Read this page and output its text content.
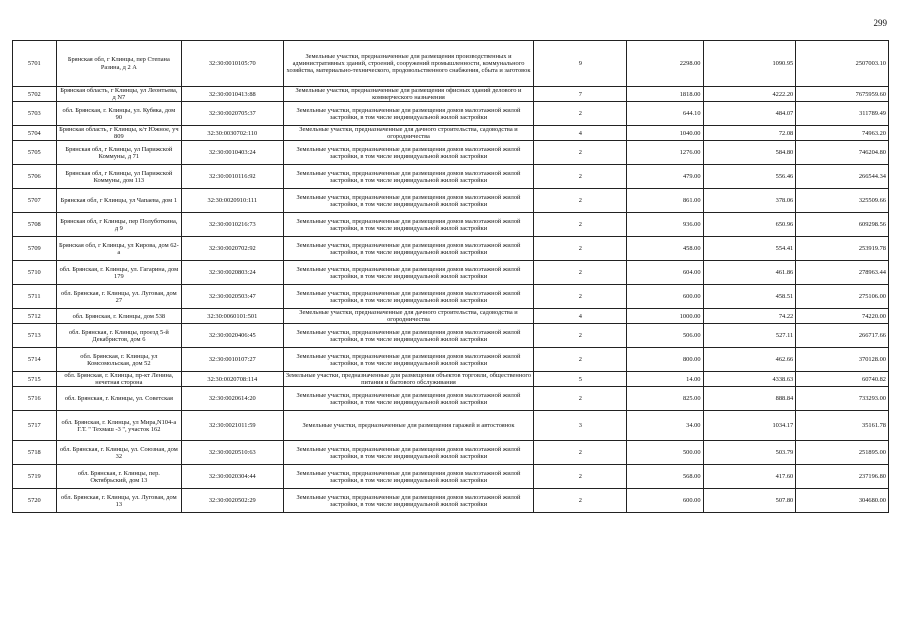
299
5701	Брянская обл, г Клинцы, пер Степана Разина, д 2 А	32:30:0010105:70	Земельные участки, предназначенные для размещения производственных и административных зданий, строений, сооружений промышленности, коммунального хозяйства, материально-технического, продовольственного снабжения, сбыта и заготовок	9	2298.00	1090.95	2507003.10
5702	Брянская область, г Клинцы, ул Леонтьева, д N7	32:30:0010413:88	Земельные участки, предназначенные для размещения офисных зданий делового и коммерческого назначения	7	1818.00	4222.20	7675959.60
5703	обл. Брянская, г. Клинцы, ул. Кубяка, дом 90	32:30:0020705:37	Земельные участки, предназначенные для размещения домов малоэтажной жилой застройки, в том числе индивидуальной жилой застройки	2	644.10	484.07	311789.49
5704	Брянская область, г Клинцы, к/т Южное, уч 809	32:30:0030702:110	Земельные участки, предназначенные для дачного строительства, садоводства и огородничества	4	1040.00	72.08	74963.20
5705	Брянская обл, г Клинцы, ул Парижской Коммуны, д 71	32:30:0010403:24	Земельные участки, предназначенные для размещения домов малоэтажной жилой застройки, в том числе индивидуальной жилой застройки	2	1276.00	584.80	746204.80
5706	Брянская обл, г Клинцы, ул Парижской Коммуны, дом 113	32:30:0010116:92	Земельные участки, предназначенные для размещения домов малоэтажной жилой застройки, в том числе индивидуальной жилой застройки	2	479.00	556.46	266544.34
5707	Брянская обл, г Клинцы, ул Чапаева, дом 1	32:30:0020910:111	Земельные участки, предназначенные для размещения домов малоэтажной жилой застройки, в том числе индивидуальной жилой застройки	2	861.00	378.06	325509.66
5708	Брянская обл, г Клинцы, пер Полуботкина, д 9	32:30:0010216:73	Земельные участки, предназначенные для размещения домов малоэтажной жилой застройки, в том числе индивидуальной жилой застройки	2	936.00	650.96	609298.56
5709	Брянская обл, г Клинцы, ул Кирова, дом 62-а	32:30:0020702:92	Земельные участки, предназначенные для размещения домов малоэтажной жилой застройки, в том числе индивидуальной жилой застройки	2	458.00	554.41	253919.78
5710	обл. Брянская, г. Клинцы, ул. Гагарина, дом 179	32:30:0020803:24	Земельные участки, предназначенные для размещения домов малоэтажной жилой застройки, в том числе индивидуальной жилой застройки	2	604.00	461.86	278963.44
5711	обл. Брянская, г. Клинцы, ул. Луговая, дом 27	32:30:0020503:47	Земельные участки, предназначенные для размещения домов малоэтажной жилой застройки, в том числе индивидуальной жилой застройки	2	600.00	458.51	275106.00
5712	обл. Брянская, г. Клинцы, дом 538	32:30:0060101:501	Земельные участки, предназначенные для дачного строительства, садоводства и огородничества	4	1000.00	74.22	74220.00
5713	обл. Брянская, г. Клинцы, проезд 5-й Декабристов, дом 6	32:30:0020406:45	Земельные участки, предназначенные для размещения домов малоэтажной жилой застройки, в том числе индивидуальной жилой застройки	2	506.00	527.11	266717.66
5714	обл. Брянская, г. Клинцы, ул Комсомольская, дом 52	32:30:0010107:27	Земельные участки, предназначенные для размещения домов малоэтажной жилой застройки, в том числе индивидуальной жилой застройки	2	800.00	462.66	370128.00
5715	обл. Брянская, г. Клинцы, пр-кт Ленина, нечетная сторона	32:30:0020708:114	Земельные участки, предназначенные для размещения объектов торговли, общественного питания и бытового обслуживания	5	14.00	4338.63	60740.82
5716	обл. Брянская, г. Клинцы, ул. Советская	32:30:0020614:20	Земельные участки, предназначенные для размещения домов малоэтажной жилой застройки, в том числе индивидуальной жилой застройки	2	825.00	888.84	733293.00
5717	обл. Брянская, г. Клинцы, ул Мира,N104-а Г.Т. " Техмаш -3 ", участок 162	32:30:0021011:59	Земельные участки, предназначенные для размещения гаражей и автостоянок	3	34.00	1034.17	35161.78
5718	обл. Брянская, г. Клинцы, ул. Союзная, дом 32	32:30:0020510:63	Земельные участки, предназначенные для размещения домов малоэтажной жилой застройки, в том числе индивидуальной жилой застройки	2	500.00	503.79	251895.00
5719	обл. Брянская, г. Клинцы, пер. Октябрьский, дом 13	32:30:0020304:44	Земельные участки, предназначенные для размещения домов малоэтажной жилой застройки, в том числе индивидуальной жилой застройки	2	568.00	417.60	237196.80
5720	обл. Брянская, г. Клинцы, ул. Луговая, дом 13	32:30:0020502:29	Земельные участки, предназначенные для размещения домов малоэтажной жилой застройки, в том числе индивидуальной жилой застройки	2	600.00	507.80	304680.00
